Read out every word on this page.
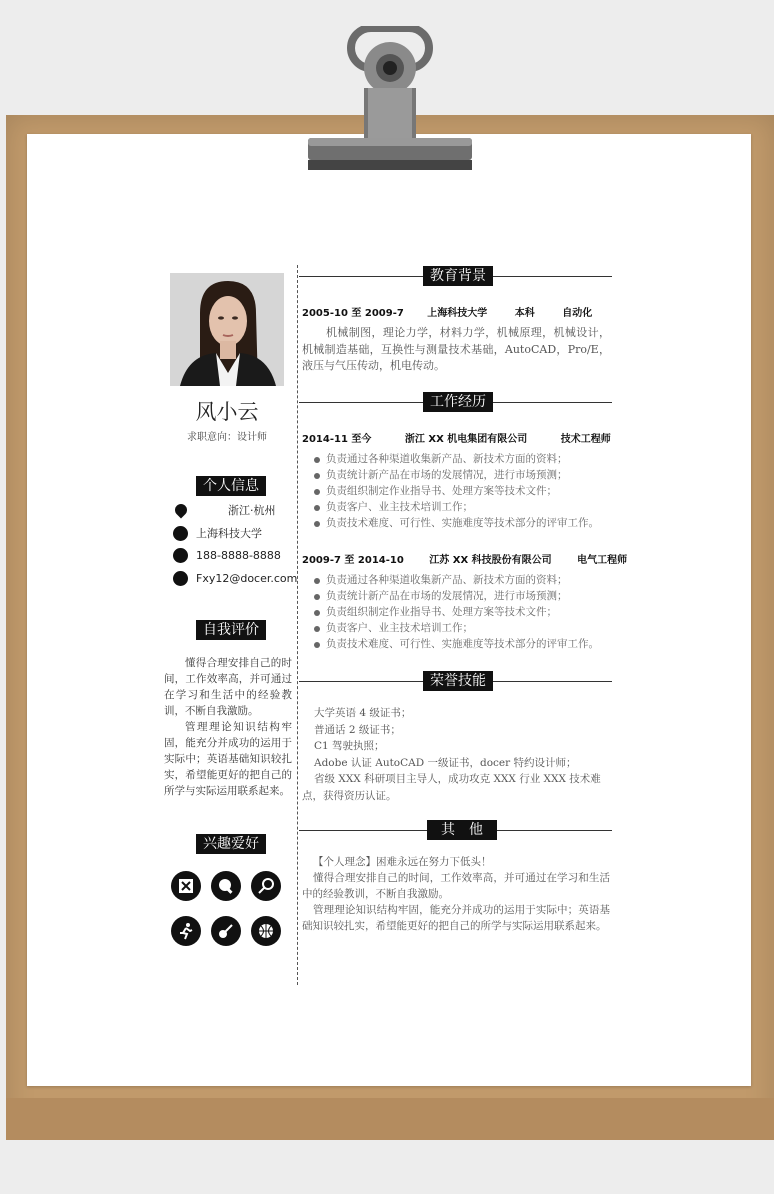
风小云
求职意向：设计师
个人信息
浙江·杭州
上海科技大学
188-8888-8888
Fxy12@docer.com
自我评价

懂得合理安排自己的时间，工作效率高，并可通过在学习和生活中的经验教训，不断自我激励。

管理理论知识结构牢固，能充分并成功的运用于实际中；英语基础知识较扎实，希望能更好的把自己的所学与实际运用联系起来。

兴趣爱好
教育背景
2005-10 至 2009-7 上海科技大学	本科	自动化
机械制图，理论力学，材料力学，机械原理，机械设计，机械制造基础，互换性与测量技术基础，AutoCAD，Pro/E，液压与气压传动，机电传动。
工作经历
2014-11 至今	浙江 XX 机电集团有限公司	技术工程师
负责通过各种渠道收集新产品、新技术方面的资料；
负责统计新产品在市场的发展情况，进行市场预测；
负责组织制定作业指导书、处理方案等技术文件；
负责客户、业主技术培训工作；
负责技术难度、可行性、实施难度等技术部分的评审工作。
2009-7 至 2014-10	江苏 XX 科技股份有限公司	电气工程师
负责通过各种渠道收集新产品、新技术方面的资料；
负责统计新产品在市场的发展情况，进行市场预测；
负责组织制定作业指导书、处理方案等技术文件；
负责客户、业主技术培训工作；
负责技术难度、可行性、实施难度等技术部分的评审工作。
荣誉技能
大学英语 4 级证书；
普通话 2 级证书；
C1 驾驶执照；
Adobe 认证 AutoCAD 一级证书，docer 特约设计师；
省级 XXX 科研项目主导人，成功攻克 XXX 行业 XXX 技术难点，获得资历认证。
其　他

【个人理念】困难永远在努力下低头！

懂得合理安排自己的时间，工作效率高，并可通过在学习和生活中的经验教训，不断自我激励。

管理理论知识结构牢固，能充分并成功的运用于实际中；英语基础知识较扎实，希望能更好的把自己的所学与实际运用联系起来。
